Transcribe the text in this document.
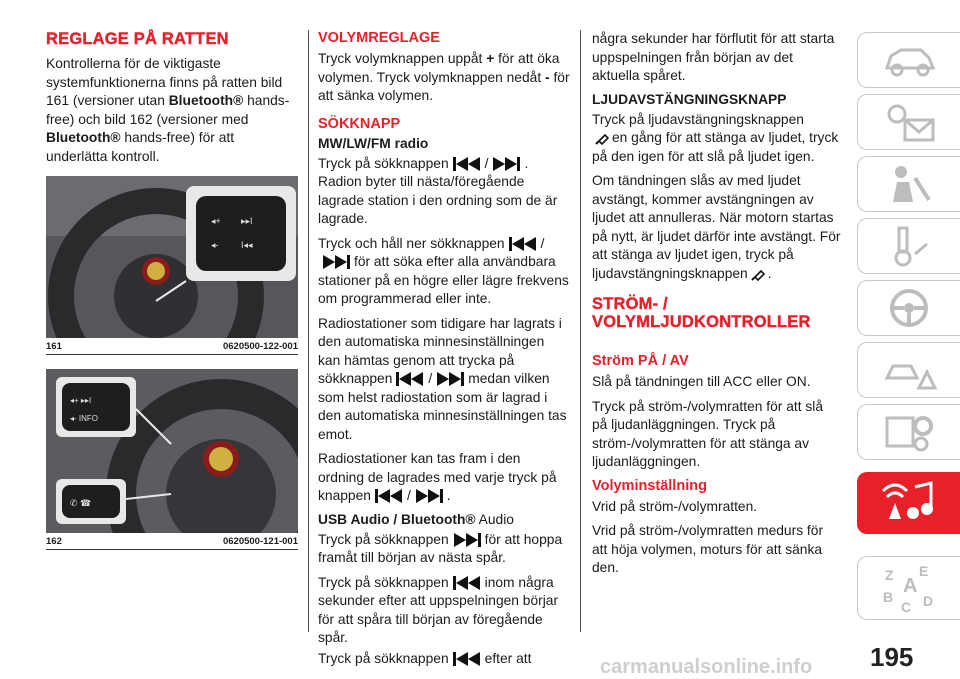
REGLAGE PÅ RATTEN

Kontrollerna för de viktigaste systemfunktionerna finns på ratten bild 161 (versioner utan Bluetooth® hands-free) och bild 162 (versioner med Bluetooth® hands-free) för att underlätta kontroll.

◂+ ▸▸I
◂- I◂◂
161	0620500-122-001
◂+ ▸▸I
◂- INFO
✆ ☎
162	0620500-121-001
VOLYMREGLAGE

Tryck volymknappen uppåt + för att öka volymen. Tryck volymknappen nedåt - för att sänka volymen.

SÖKKNAPP
MW/LW/FM radio

Tryck på sökknappen	/	. Radion byter till nästa/föregående lagrade station i den ordning som de är lagrade.

Tryck och håll ner sökknappen	/ för att söka efter alla användbara stationer på en högre eller lägre frekvens om programmerad eller inte.

Radiostationer som tidigare har lagrats i den automatiska minnesinställningen kan hämtas genom att trycka på sökknappen	/	medan vilken som helst radiostation som är lagrad i den automatiska minnesinställningen tas emot.

Radiostationer kan tas fram i den ordning de lagrades med varje tryck på knappen	/	.

USB Audio / Bluetooth® Audio

Tryck på sökknappen	för att hoppa framåt till början av nästa spår.

Tryck på sökknappen	inom några sekunder efter att uppspelningen börjar för att spåra till början av föregående spår.

Tryck på sökknappen	efter att

några sekunder har förflutit för att starta uppspelningen från början av det aktuella spåret.

LJUDAVSTÄNGNINGSKNAPP

Tryck på ljudavstängningsknappen
en gång för att stänga av ljudet, tryck på den igen för att slå på ljudet igen.

Om tändningen slås av med ljudet avstängt, kommer avstängningen av ljudet att annulleras. När motorn startas på nytt, är ljudet därför inte avstängt. För att stänga av ljudet igen, tryck på ljudavstängningsknappen .

STRÖM- /
VOLYMLJUDKONTROLLER
Ström PÅ / AV

Slå på tändningen till ACC eller ON.

Tryck på ström-/volymratten för att slå på ljudanläggningen. Tryck på ström-/volymratten för att stänga av ljudanläggningen.

Volyminställning

Vrid på ström-/volymratten.

Vrid på ström-/volymratten medurs för att höja volymen, moturs för att sänka den.	Z E
B A
C D
195
carmanualsonline.info
